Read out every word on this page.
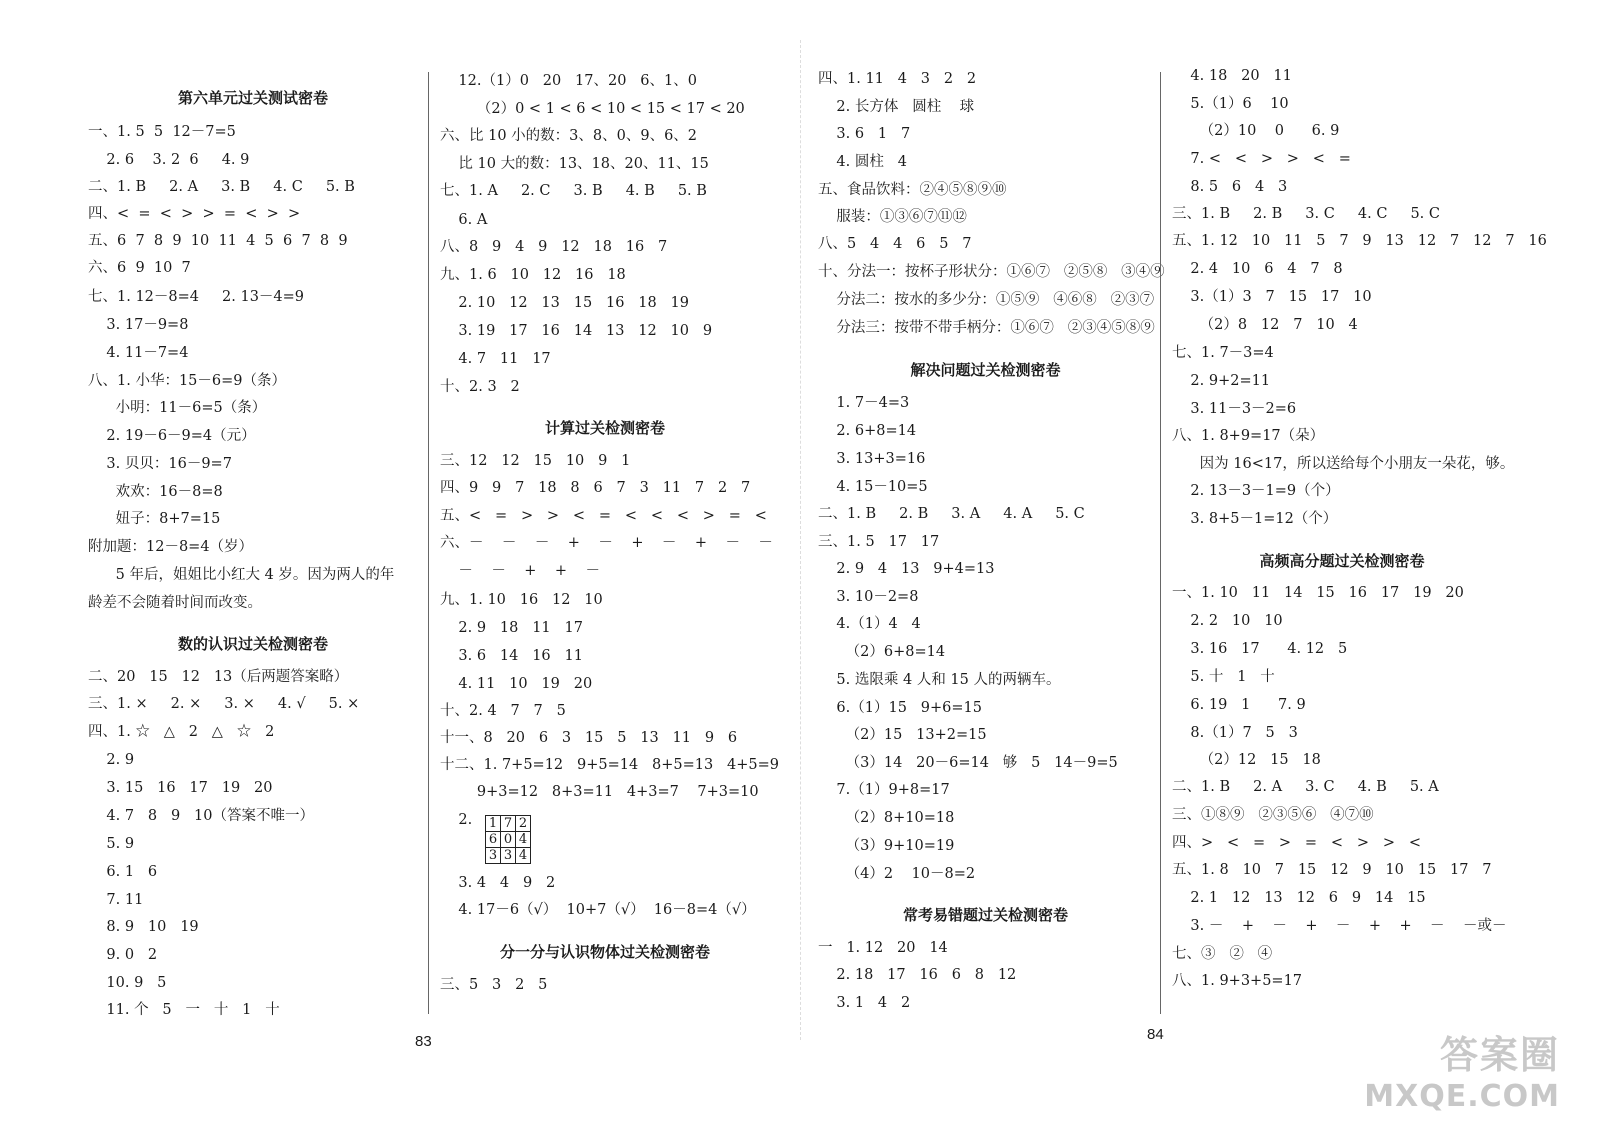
第六单元过关测试密卷
一、1. 5  5  12－7=5
2. 6    3. 2  6     4. 9
二、1. B     2. A     3. B     4. C     5. B
四、<  =  <  >  >  =  <  >  >
五、6  7  8  9  10  11  4  5  6  7  8  9
六、6  9  10  7
七、1. 12－8=4     2. 13－4=9
3. 17－9=8
4. 11－7=4
八、1. 小华：15－6=9（条）
小明：11－6=5（条）
2. 19－6－9=4（元）
3. 贝贝：16－9=7
欢欢：16－8=8
妞子：8+7=15
附加题：12－8=4（岁）
5 年后，姐姐比小红大 4 岁。因为两人的年
龄差不会随着时间而改变。
数的认识过关检测密卷
二、20   15   12   13（后两题答案略）
三、1. ×     2. ×     3. ×     4. √     5. ×
四、1. ☆   △   2   △   ☆   2
2. 9
3. 15   16   17   19   20
4. 7   8   9   10（答案不唯一）
5. 9
6. 1   6
7. 11
8. 9   10   19
9. 0   2
10. 9   5
11. 个   5   一   十   1   十
12.（1）0   20   17、20   6、1、0
（2）0 < 1 < 6 < 10 < 15 < 17 < 20
六、比 10 小的数：3、8、0、9、6、2
比 10 大的数：13、18、20、11、15
七、1. A     2. C     3. B     4. B     5. B
6. A
八、8   9   4   9   12   18   16   7
九、1. 6   10   12   16   18
2. 10   12   13   15   16   18   19
3. 19   17   16   14   13   12   10   9
4. 7   11   17
十、2. 3   2
计算过关检测密卷
三、12   12   15   10   9   1
四、9   9   7   18   8   6   7   3   11   7   2   7
五、<   =   >   >   <   =   <   <   <   >   =   <
六、－    －    －    +    －    +    －    +    －    －
－    －    +    +    －
九、1. 10   16   12   10
2. 9   18   11   17
3. 6   14   16   11
4. 11   10   19   20
十、2. 4   7   7   5
十一、8   20   6   3   15   5   13   11   9   6
十二、1. 7+5=12   9+5=14   8+5=13   4+5=9
9+3=12   8+3=11   4+3=7    7+3=10
2.
3. 4   4   9   2
4. 17－6（√）  10+7（√）  16－8=4（√）
分一分与认识物体过关检测密卷
三、5   3   2   5
四、1. 11   4   3   2   2
2. 长方体   圆柱    球
3. 6   1   7
4. 圆柱   4
五、食品饮料：②④⑤⑧⑨⑩
服装：①③⑥⑦⑪⑫
八、5   4   4   6   5   7
十、分法一：按杯子形状分：①⑥⑦   ②⑤⑧   ③④⑨
分法二：按水的多少分：①⑤⑨   ④⑥⑧   ②③⑦
分法三：按带不带手柄分：①⑥⑦   ②③④⑤⑧⑨
解决问题过关检测密卷
1. 7－4=3
2. 6+8=14
3. 13+3=16
4. 15－10=5
二、1. B     2. B     3. A     4. A     5. C
三、1. 5   17   17
2. 9   4   13   9+4=13
3. 10－2=8
4.（1）4   4
（2）6+8=14
5. 选限乘 4 人和 15 人的两辆车。
6.（1）15   9+6=15
（2）15   13+2=15
（3）14   20－6=14   够   5   14－9=5
7.（1）9+8=17
（2）8+10=18
（3）9+10=19
（4）2    10－8=2
常考易错题过关检测密卷
一   1. 12   20   14
2. 18   17   16   6   8   12
3. 1   4   2
4. 18   20   11
5.（1）6    10
（2）10    0      6. 9
7. <   <   >   >   <   =
8. 5   6   4   3
三、1. B     2. B     3. C     4. C     5. C
五、1. 12   10   11   5   7   9   13   12   7   12   7   16
2. 4   10   6   4   7   8
3.（1）3   7   15   17   10
（2）8   12   7   10   4
七、1. 7－3=4
2. 9+2=11
3. 11－3－2=6
八、1. 8+9=17（朵）
因为 16<17，所以送给每个小朋友一朵花，够。
2. 13－3－1=9（个）
3. 8+5－1=12（个）
高频高分题过关检测密卷
一、1. 10   11   14   15   16   17   19   20
2. 2   10   10
3. 16   17      4. 12   5
5. 十   1   十
6. 19   1      7. 9
8.（1）7   5   3
（2）12   15   18
二、1. B     2. A     3. C     4. B     5. A
三、①⑧⑨   ②③⑤⑥   ④⑦⑩
四、>   <   =   >   =   <   >   >   <
五、1. 8   10   7   15   12   9   10   15   17   7
2. 1   12   13   12   6   9   14   15
3. －    +    －    +    －    +    +    －    －或－
七、③   ②   ④
八、1. 9+3+5=17
1	7	2
6	0	4
3	3	4
83	84	答案圈
MXQE.COM
